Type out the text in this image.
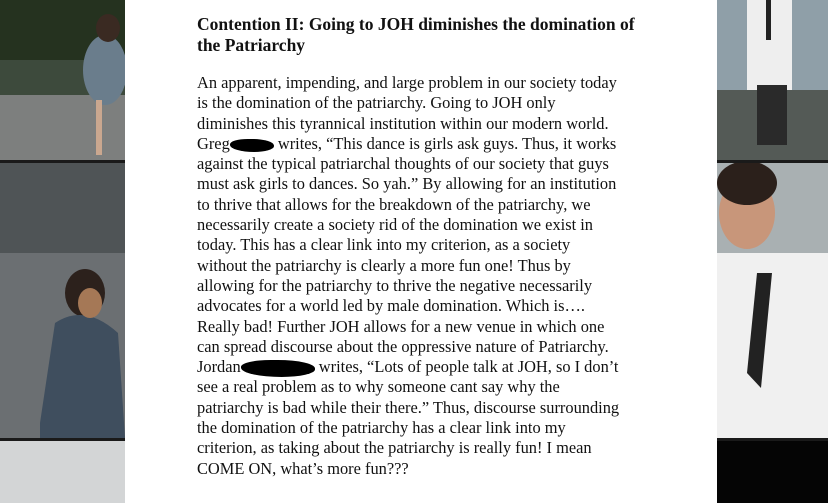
Contention II: Going to JOH diminishes the domination of
the Patriarchy
An apparent, impending, and large problem in our society today
is the domination of the patriarchy. Going to JOH only
diminishes this tyrannical institution within our modern world.
Greg	writes, “This dance is girls ask guys. Thus, it works
against the typical patriarchal thoughts of our society that guys
must ask girls to dances. So yah.” By allowing for an institution
to thrive that allows for the breakdown of the patriarchy, we
necessarily create a society rid of the domination we exist in
today. This has a clear link into my criterion, as a society
without the patriarchy is clearly a more fun one! Thus by
allowing for the patriarchy to thrive the negative necessarily
advocates for a world led by male domination. Which is….
Really bad! Further JOH allows for a new venue in which one
can spread discourse about the oppressive nature of Patriarchy.
Jordan	writes, “Lots of people talk at JOH, so I don’t
see a real problem as to why someone cant say why the
patriarchy is bad while their there.” Thus, discourse surrounding
the domination of the patriarchy has a clear link into my
criterion, as taking about the patriarchy is really fun! I mean
COME ON, what’s more fun???
